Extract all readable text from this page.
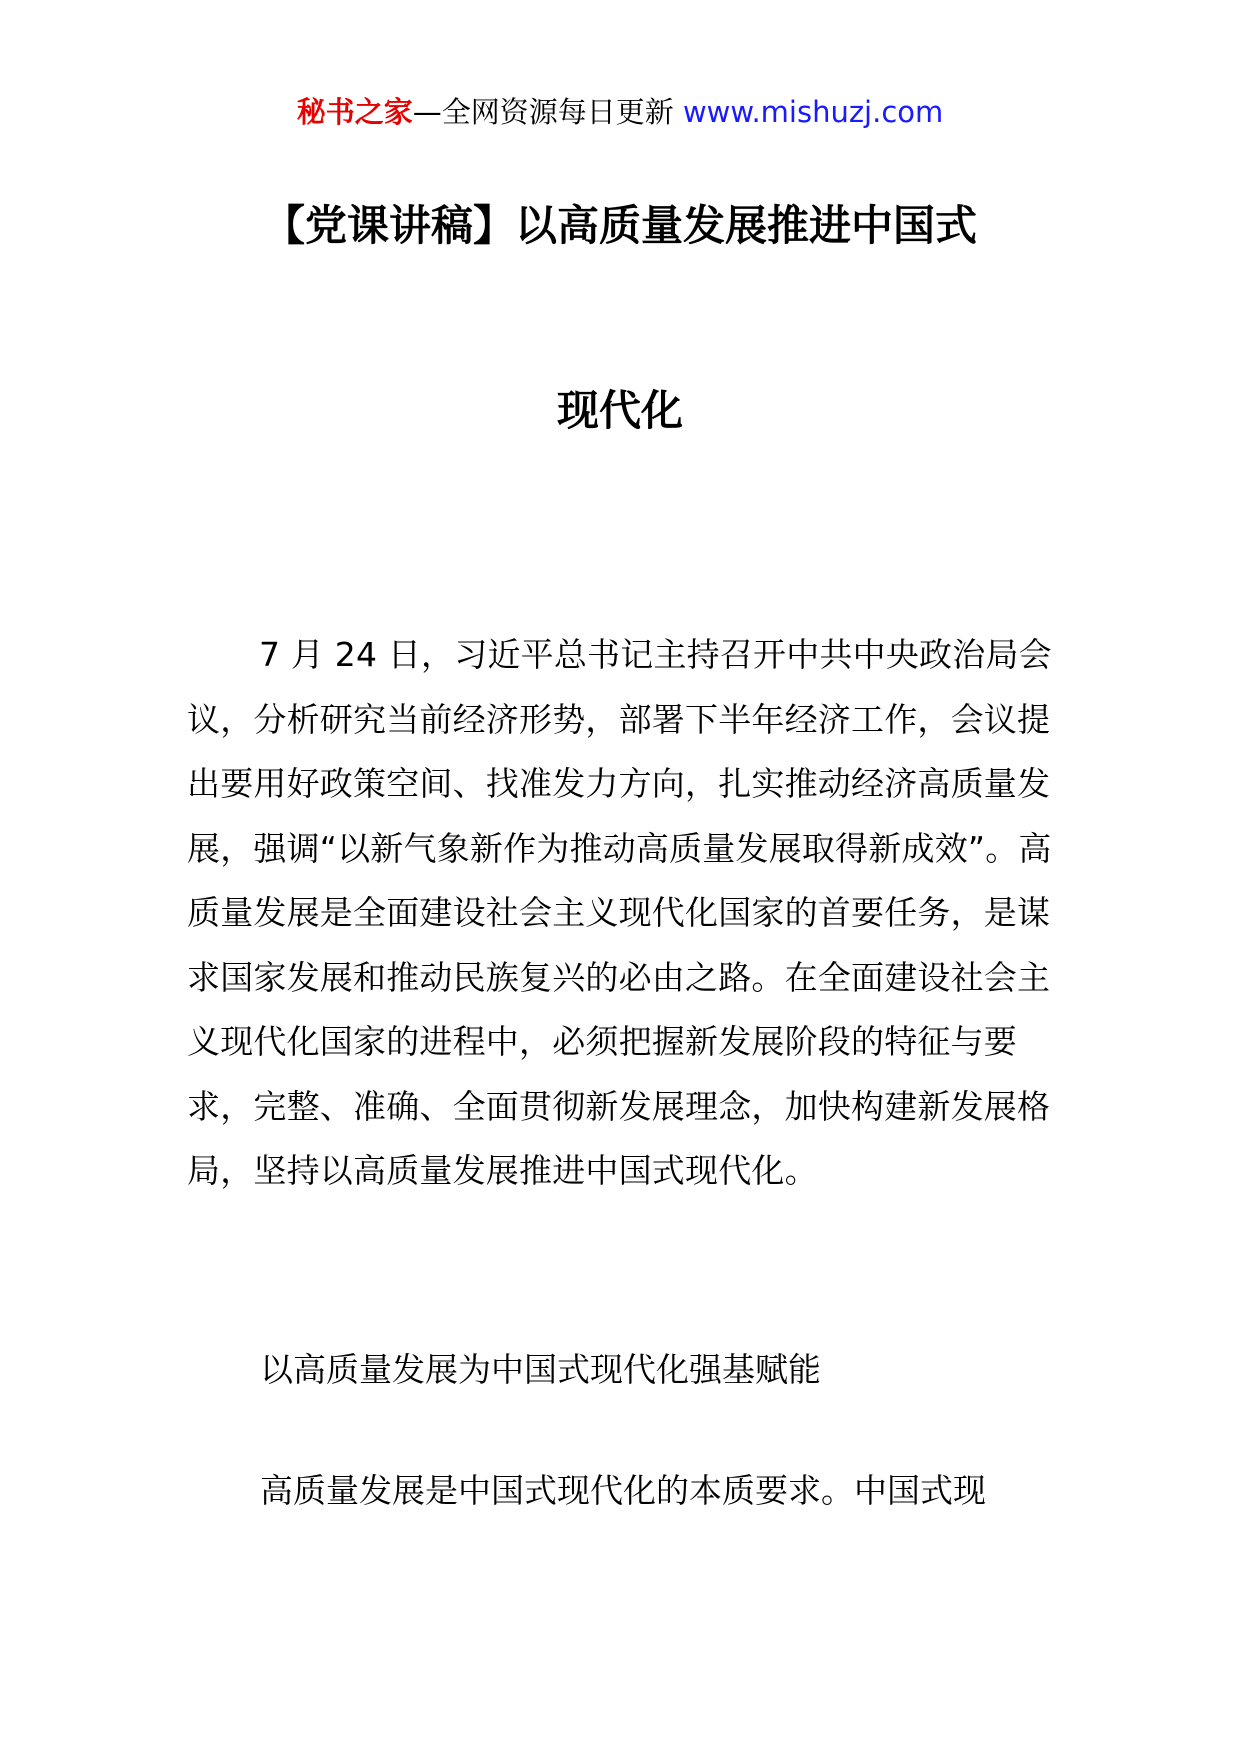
秘书之家—全网资源每日更新 www.mishuzj.com
【党课讲稿】以高质量发展推进中国式
现代化

7 月 24 日，习近平总书记主持召开中共中央政治局会议，分析研究当前经济形势，部署下半年经济工作，会议提出要用好政策空间、找准发力方向，扎实推动经济高质量发展，强调“以新气象新作为推动高质量发展取得新成效”。高质量发展是全面建设社会主义现代化国家的首要任务，是谋求国家发展和推动民族复兴的必由之路。在全面建设社会主义现代化国家的进程中，必须把握新发展阶段的特征与要求，完整、准确、全面贯彻新发展理念，加快构建新发展格局，坚持以高质量发展推进中国式现代化。

以高质量发展为中国式现代化强基赋能

高质量发展是中国式现代化的本质要求。中国式现
